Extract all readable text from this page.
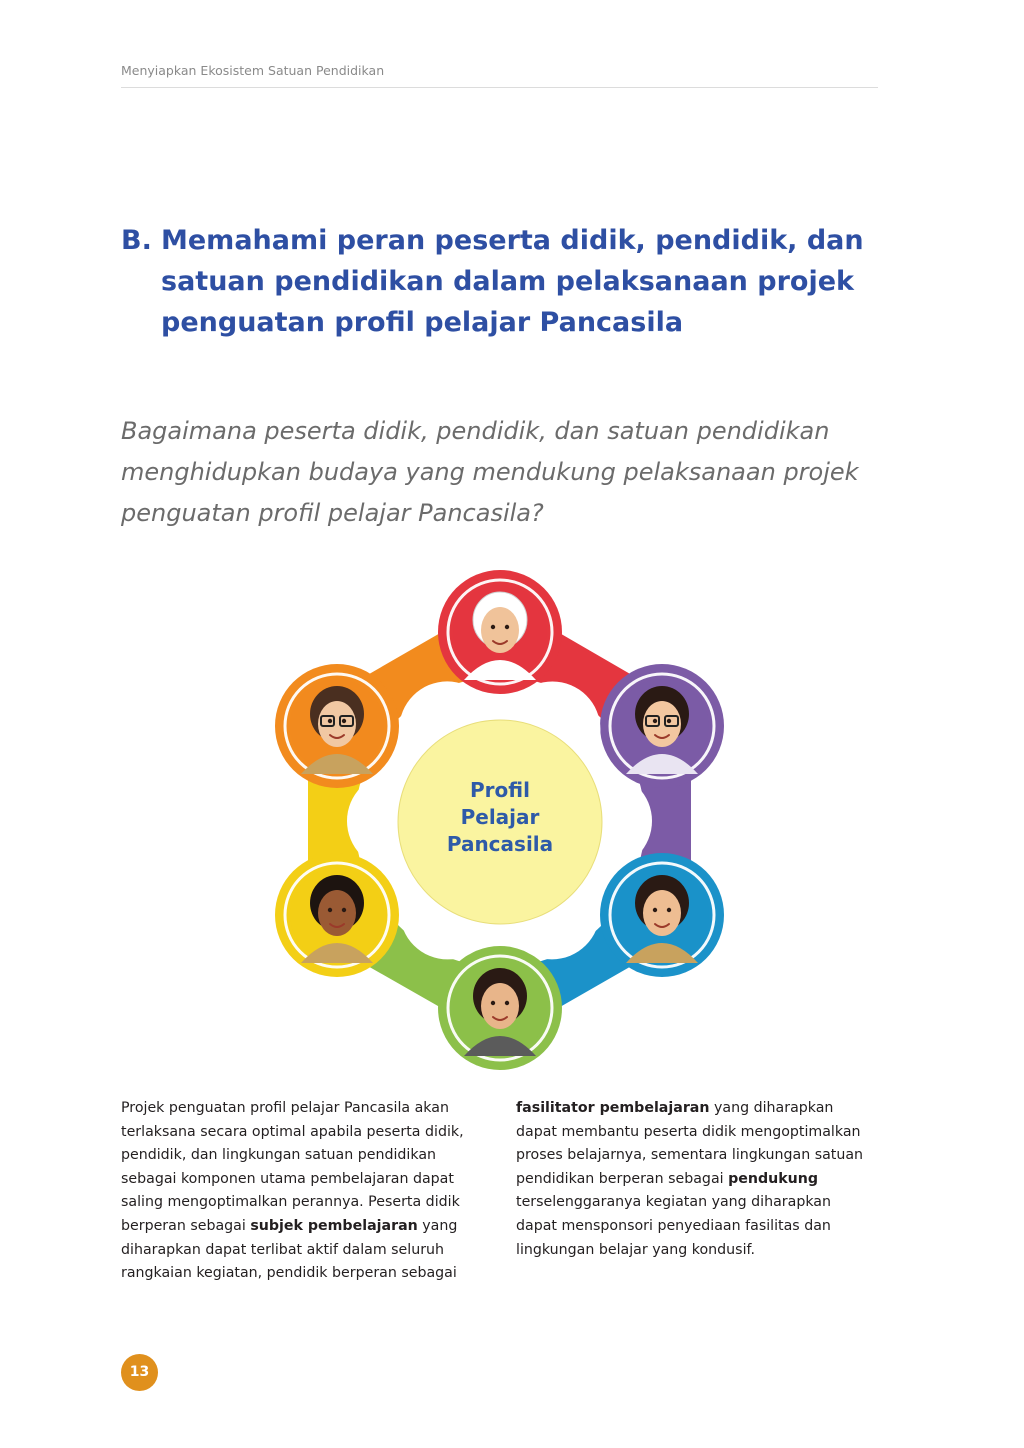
Menyiapkan Ekosistem Satuan Pendidikan
B. Memahami peran peserta didik, pendidik, dan satuan pendidikan dalam pelaksanaan projek penguatan profil pelajar Pancasila
Bagaimana peserta didik, pendidik, dan satuan pendidikan menghidupkan budaya yang mendukung pelaksanaan projek penguatan profil pelajar Pancasila?
Profil
Pelajar
Pancasila
Projek penguatan profil pelajar Pancasila akan terlaksana secara optimal apabila peserta didik, pendidik, dan lingkungan satuan pendidikan sebagai komponen utama pembelajaran dapat saling mengoptimalkan perannya. Peserta didik berperan sebagai subjek pembelajaran yang diharapkan dapat terlibat aktif dalam seluruh rangkaian kegiatan, pendidik berperan sebagai
fasilitator pembelajaran yang diharapkan dapat membantu peserta didik mengoptimalkan proses belajarnya, sementara lingkungan satuan pendidikan berperan sebagai pendukung terselenggaranya kegiatan yang diharapkan dapat mensponsori penyediaan fasilitas dan lingkungan belajar yang kondusif.
13
